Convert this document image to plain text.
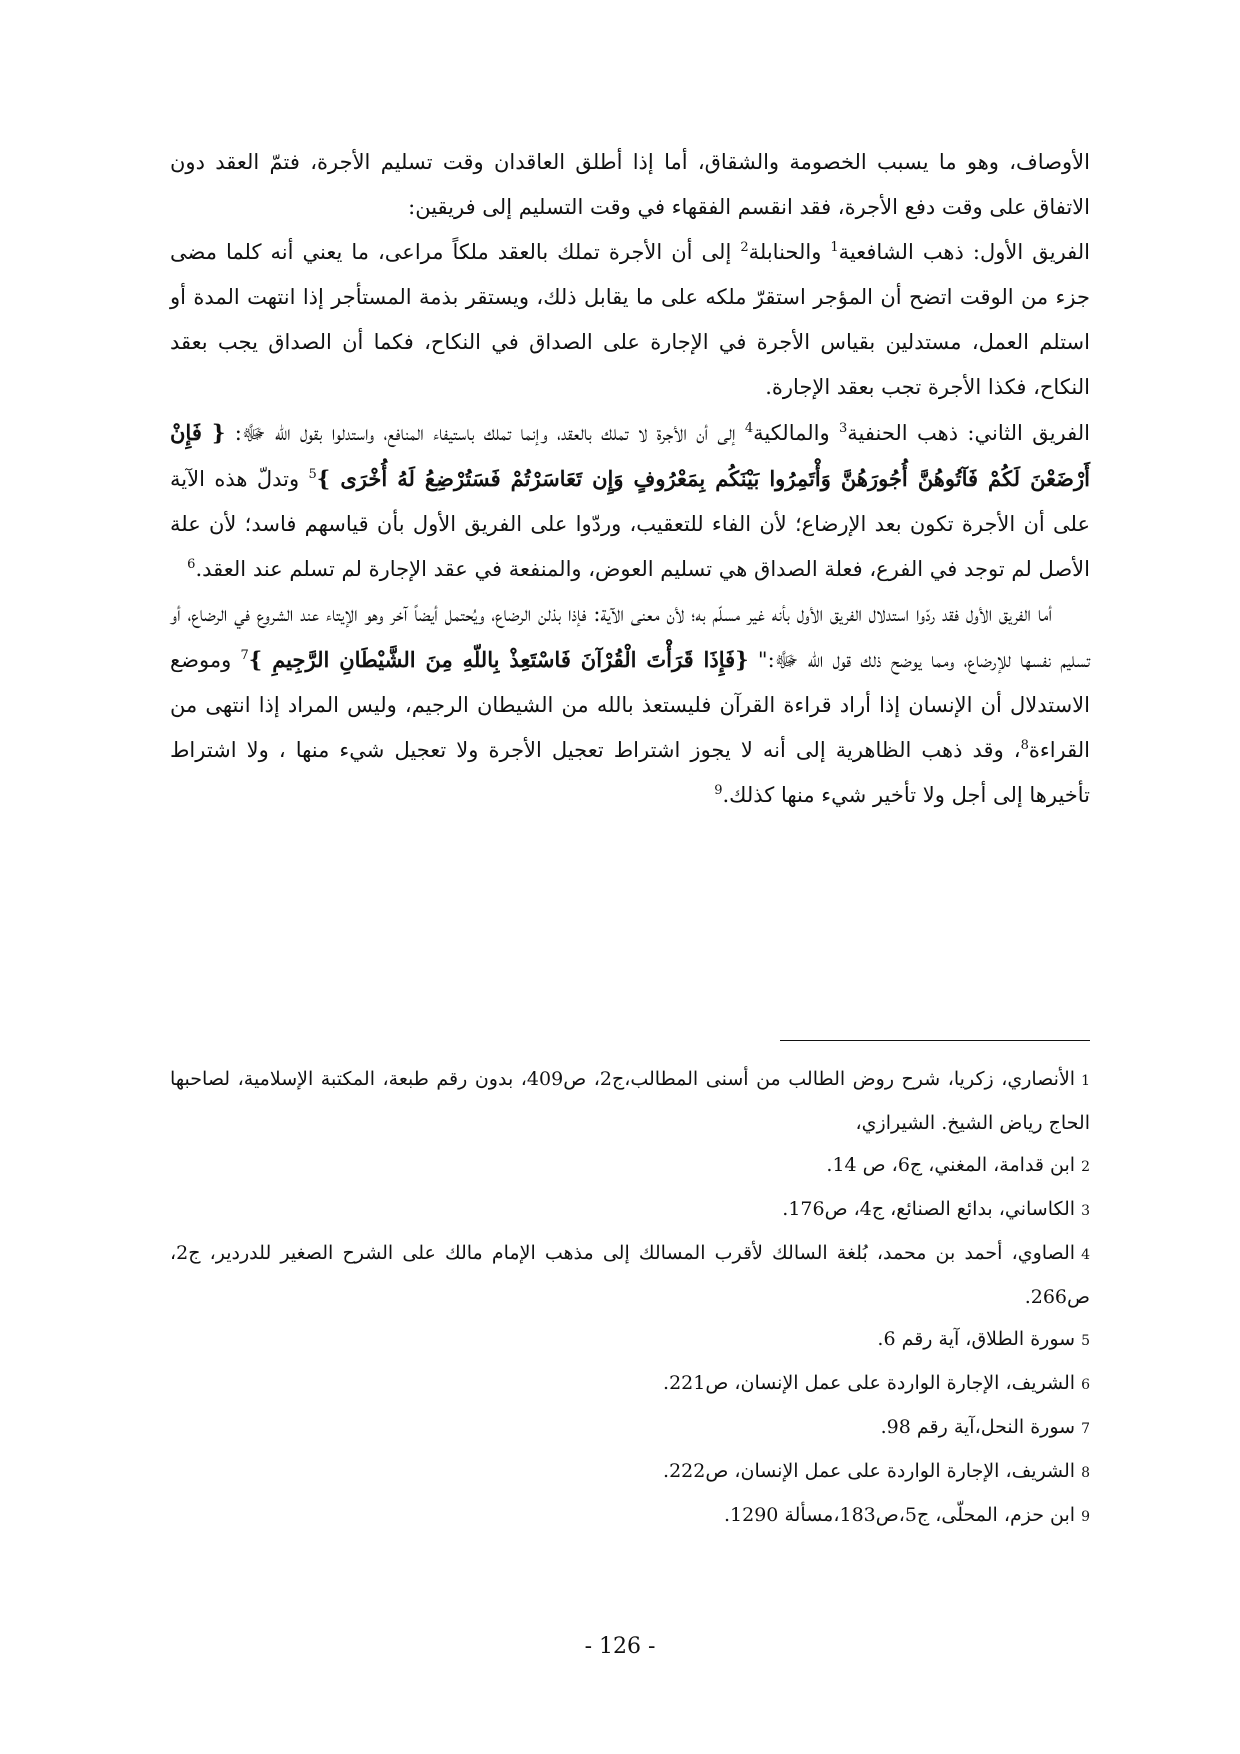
الأوصاف، وهو ما يسبب الخصومة والشقاق، أما إذا أطلق العاقدان وقت تسليم الأجرة، فتمّ العقد دون الاتفاق على وقت دفع الأجرة، فقد انقسم الفقهاء في وقت التسليم إلى فريقين:

الفريق الأول: ذهب الشافعية$^1$ والحنابلة$^2$ إلى أن الأجرة تملك بالعقد ملكاً مراعى، ما يعني أنه كلما مضى جزء من الوقت اتضح أن المؤجر استقرّ ملكه على ما يقابل ذلك، ويستقر بذمة المستأجر إذا انتهت المدة أو استلم العمل، مستدلين بقياس الأجرة في الإجارة على الصداق في النكاح، فكما أن الصداق يجب بعقد النكاح، فكذا الأجرة تجب بعقد الإجارة.

الفريق الثاني: ذهب الحنفية$^3$ والمالكية$^4$ إلى أن الأجرة لا تملك بالعقد، وإنما تملك باستيفاء المنافع، واستدلوا بقول الله ﷻ: { فَإِنْ أَرْضَعْنَ لَكُمْ فَآتُوهُنَّ أُجُورَهُنَّ وَأْتَمِرُوا بَيْنَكُم بِمَعْرُوفٍ وَإِن تَعَاسَرْتُمْ فَسَتُرْضِعُ لَهُ أُخْرَى }$^5$ وتدلّ هذه الآية على أن الأجرة تكون بعد الإرضاع؛ لأن الفاء للتعقيب، وردّوا على الفريق الأول بأن قياسهم فاسد؛ لأن علة الأصل لم توجد في الفرع، فعلة الصداق هي تسليم العوض، والمنفعة في عقد الإجارة لم تسلم عند العقد.$^6$

أما الفريق الأول فقد ردّوا استدلال الفريق الأول بأنه غير مسلّم به؛ لأن معنى الآية: فإذا بذلن الرضاع، ويُحتمل أيضاً آخر وهو الإيتاء عند الشروع في الرضاع، أو تسليم نفسها للإرضاع، ومما يوضح ذلك قول الله ﷻ:" {فَإِذَا قَرَأْتَ الْقُرْآنَ فَاسْتَعِذْ بِاللّهِ مِنَ الشَّيْطَانِ الرَّجِيمِ }$^7$ وموضع الاستدلال أن الإنسان إذا أراد قراءة القرآن فليستعذ بالله من الشيطان الرجيم، وليس المراد إذا انتهى من القراءة$^8$، وقد ذهب الظاهرية إلى أنه لا يجوز اشتراط تعجيل الأجرة ولا تعجيل شيء منها ، ولا اشتراط تأخيرها إلى أجل ولا تأخير شيء منها كذلك.$^9$

1الأنصاري، زكريا، شرح روض الطالب من أسنى المطالب،ج2، ص409، بدون رقم طبعة، المكتبة الإسلامية، لصاحبها الحاج رياض الشيخ. الشيرازي،

2ابن قدامة، المغني، ج6، ص 14.

3الكاساني، بدائع الصنائع، ج4، ص176.

4الصاوي، أحمد بن محمد، بُلغة السالك لأقرب المسالك إلى مذهب الإمام مالك على الشرح الصغير للدردير، ج2، ص266.

5سورة الطلاق، آية رقم 6.

6الشريف، الإجارة الواردة على عمل الإنسان، ص221.

7سورة النحل،آية رقم 98.

8الشريف، الإجارة الواردة على عمل الإنسان، ص222.

9ابن حزم، المحلّى، ج5،ص183،مسألة 1290.

- 126 -
